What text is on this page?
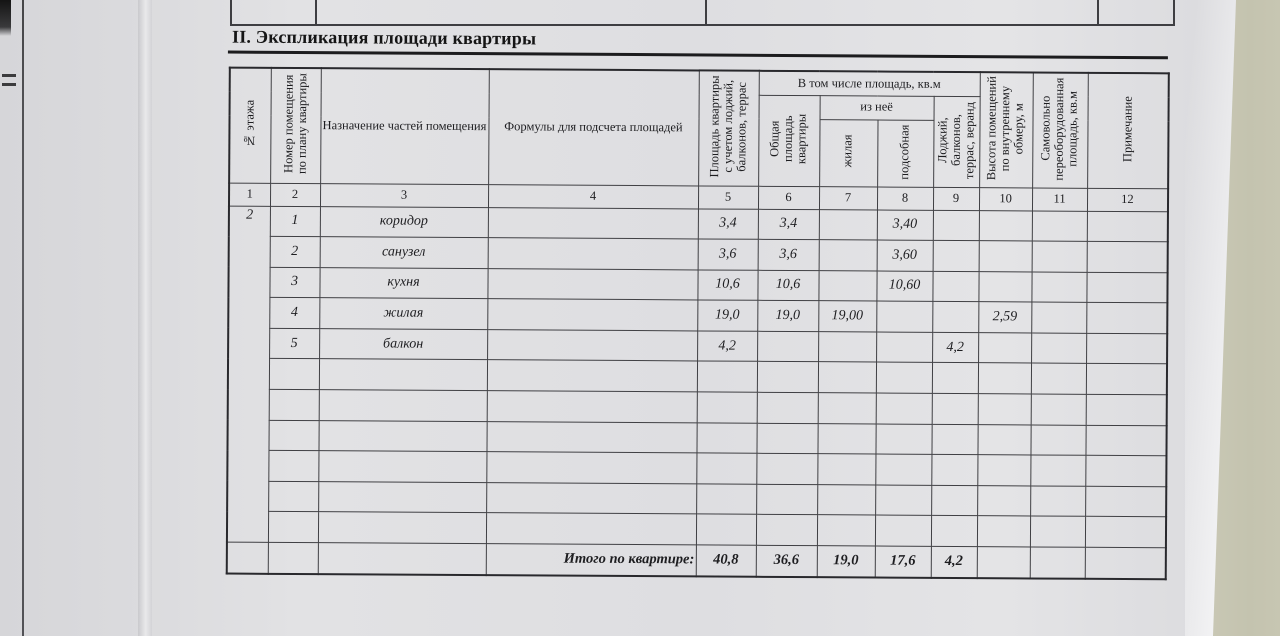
II. Экспликация площади квартиры
№ этажа	Номер помещения по плану квартиры	Назначение частей помещения	Формулы для подсчета площадей	Площадь квартиры с учетом лоджий, балконов, террас	В том числе площадь, кв.м				Высота помещений по внутреннему обмеру, м	Самовольно переоборудованная площадь, кв.м	Примечание
					Общая площадь квартиры	из неё		Лоджий, балконов, террас, веранд			
						жилая	подсобная				
1	2	3	4	5	6	7	8	9	10	11	12
2	1	коридор		3,4	3,4		3,40				
	2	санузел		3,6	3,6		3,60				
	3	кухня		10,6	10,6		10,60				
	4	жилая		19,0	19,0	19,00			2,59		
	5	балкон		4,2				4,2			

			Итого по квартире:	40,8	36,6	19,0	17,6	4,2			
